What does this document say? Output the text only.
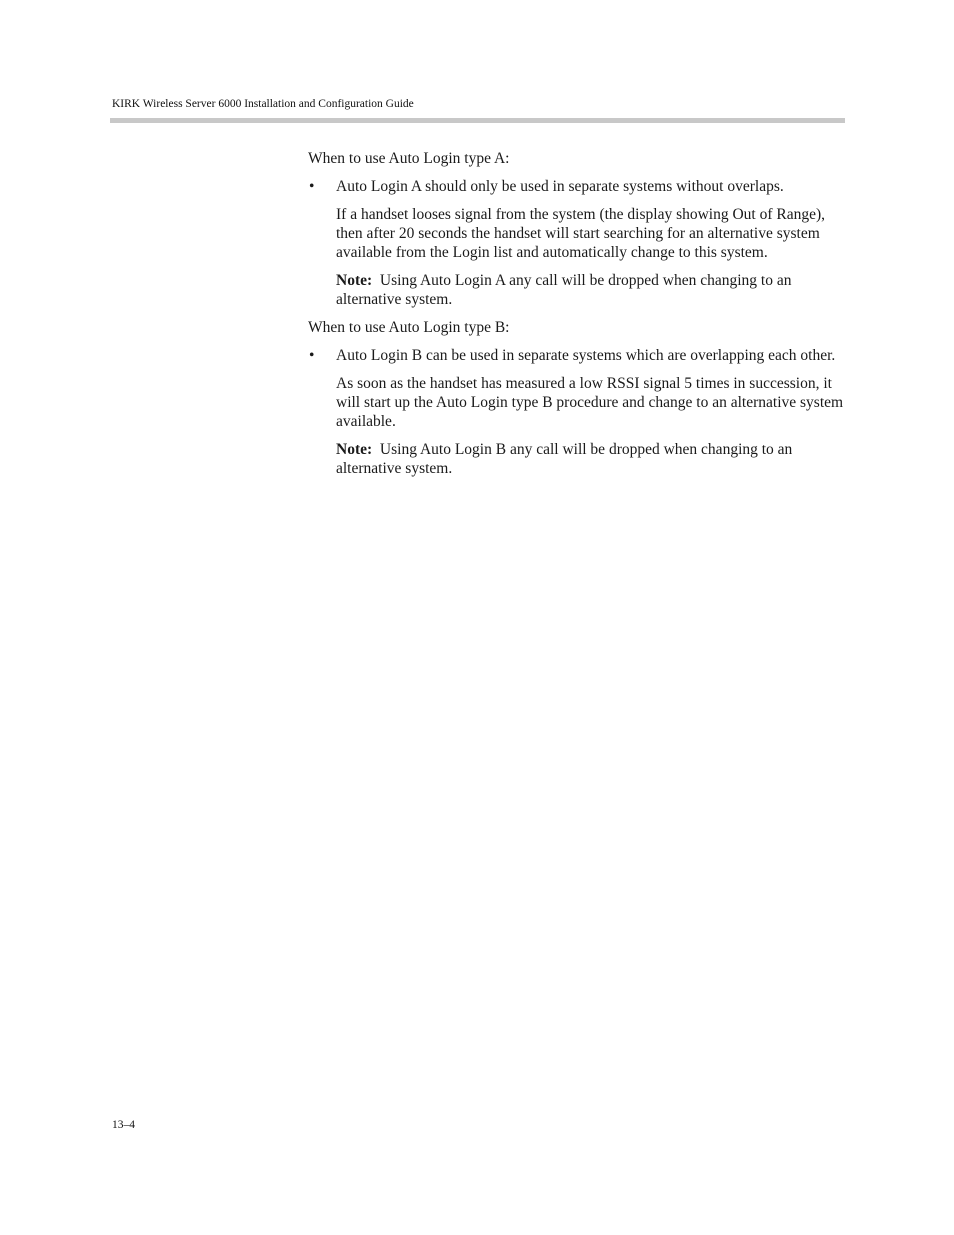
KIRK Wireless Server 6000 Installation and Configuration Guide

When to use Auto Login type A:

• Auto Login A should only be used in separate systems without overlaps.

If a handset looses signal from the system (the display showing Out of Range), then after 20 seconds the handset will start searching for an alternative system available from the Login list and automatically change to this system.

Note: Using Auto Login A any call will be dropped when changing to an alternative system.

When to use Auto Login type B:

• Auto Login B can be used in separate systems which are overlapping each other.

As soon as the handset has measured a low RSSI signal 5 times in succession, it will start up the Auto Login type B procedure and change to an alternative system available.

Note: Using Auto Login B any call will be dropped when changing to an alternative system.

13–4
